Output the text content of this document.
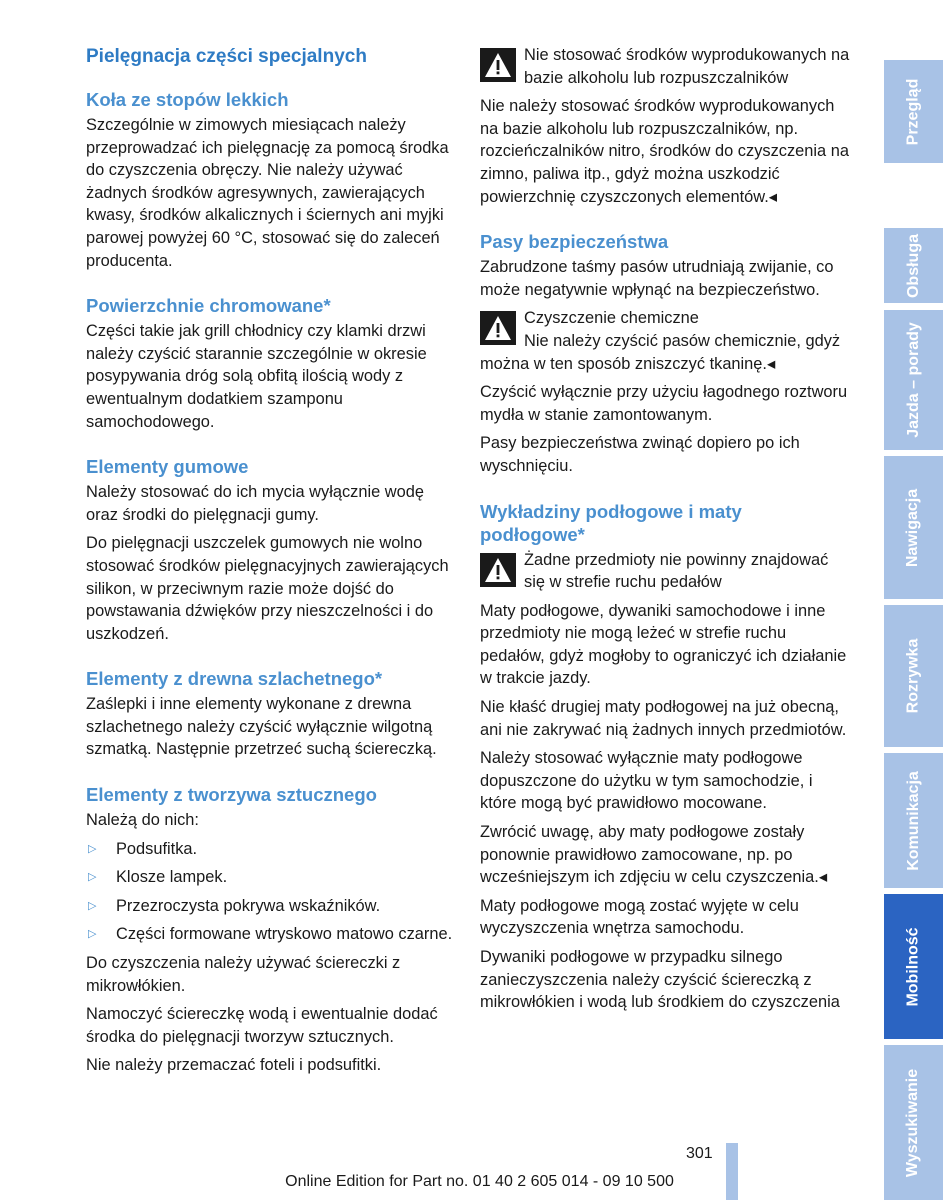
Pielęgnacja części specjalnych
Koła ze stopów lekkich
Szczególnie w zimowych miesiącach należy przeprowadzać ich pielęgnację za pomocą środka do czyszczenia obręczy. Nie należy używać żadnych środków agresywnych, zawierających kwasy, środków alkalicznych i ściernych ani myjki parowej powyżej 60 °C, stosować się do zaleceń producenta.
Powierzchnie chromowane*
Części takie jak grill chłodnicy czy klamki drzwi należy czyścić starannie szczególnie w okresie posypywania dróg solą obfitą ilością wody z ewentualnym dodatkiem szamponu samochodowego.
Elementy gumowe
Należy stosować do ich mycia wyłącznie wodę oraz środki do pielęgnacji gumy.
Do pielęgnacji uszczelek gumowych nie wolno stosować środków pielęgnacyjnych zawierających silikon, w przeciwnym razie może dojść do powstawania dźwięków przy nieszczelności i do uszkodzeń.
Elementy z drewna szlachetnego*
Zaślepki i inne elementy wykonane z drewna szlachetnego należy czyścić wyłącznie wilgotną szmatką. Następnie przetrzeć suchą ściereczką.
Elementy z tworzywa sztucznego
Należą do nich:
▷ Podsufitka.
▷ Klosze lampek.
▷ Przezroczysta pokrywa wskaźników.
▷ Części formowane wtryskowo matowo czarne.
Do czyszczenia należy używać ściereczki z mikrowłókien.
Namoczyć ściereczkę wodą i ewentualnie dodać środka do pielęgnacji tworzyw sztucznych.
Nie należy przemaczać foteli i podsufitki.
Nie stosować środków wyprodukowanych na bazie alkoholu lub rozpuszczalników
Nie należy stosować środków wyprodukowanych na bazie alkoholu lub rozpuszczalników, np. rozcieńczalników nitro, środków do czyszczenia na zimno, paliwa itp., gdyż można uszkodzić powierzchnię czyszczonych elementów.◂
Pasy bezpieczeństwa
Zabrudzone taśmy pasów utrudniają zwijanie, co może negatywnie wpłynąć na bezpieczeństwo.
Czyszczenie chemiczne
Nie należy czyścić pasów chemicznie, gdyż można w ten sposób zniszczyć tkaninę.◂
Czyścić wyłącznie przy użyciu łagodnego roztworu mydła w stanie zamontowanym.
Pasy bezpieczeństwa zwinąć dopiero po ich wyschnięciu.
Wykładziny podłogowe i maty podłogowe*
Żadne przedmioty nie powinny znajdować się w strefie ruchu pedałów
Maty podłogowe, dywaniki samochodowe i inne przedmioty nie mogą leżeć w strefie ruchu pedałów, gdyż mogłoby to ograniczyć ich działanie w trakcie jazdy.
Nie kłaść drugiej maty podłogowej na już obecną, ani nie zakrywać nią żadnych innych przedmiotów.
Należy stosować wyłącznie maty podłogowe dopuszczone do użytku w tym samochodzie, i które mogą być prawidłowo mocowane.
Zwrócić uwagę, aby maty podłogowe zostały ponownie prawidłowo zamocowane, np. po wcześniejszym ich zdjęciu w celu czyszczenia.◂
Maty podłogowe mogą zostać wyjęte w celu wyczyszczenia wnętrza samochodu.
Dywaniki podłogowe w przypadku silnego zanieczyszczenia należy czyścić ściereczką z mikrowłókien i wodą lub środkiem do czyszczenia
Przegląd
Obsługa
Jazda – porady
Nawigacja
Rozrywka
Komunikacja
Mobilność
Wyszukiwanie
301
Online Edition for Part no. 01 40 2 605 014 - 09 10 500
